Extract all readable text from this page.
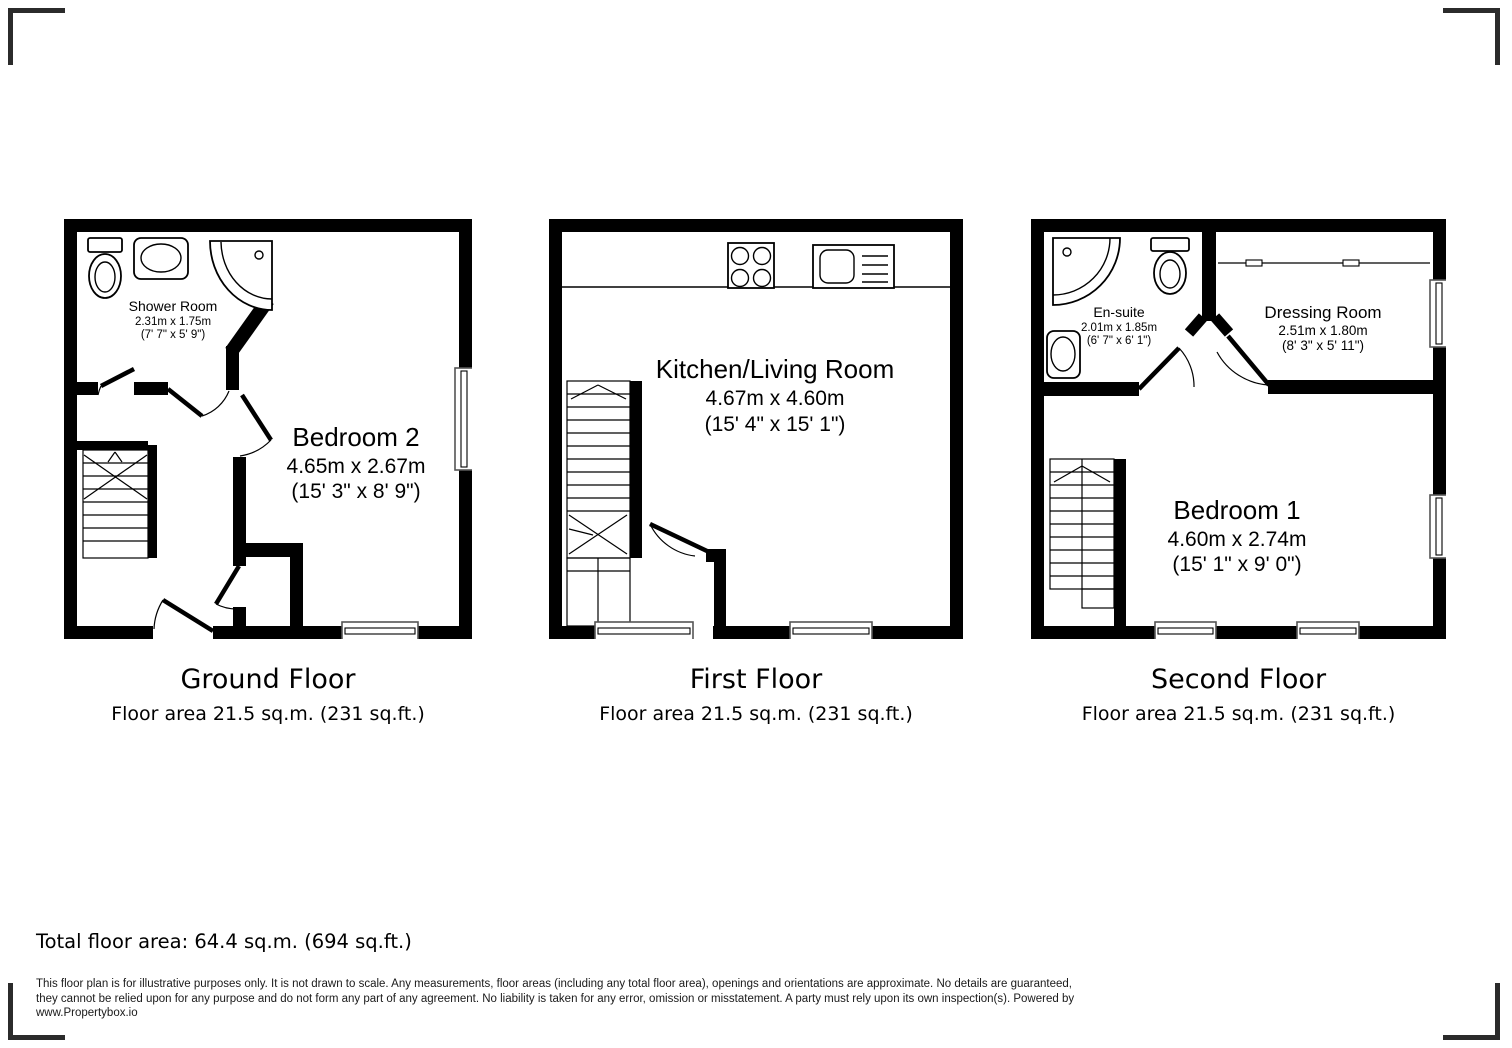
Shower Room
2.31m x 1.75m
(7' 7" x 5' 9")
Bedroom 2
4.65m x 2.67m
(15' 3" x 8' 9")
Ground Floor
Floor area 21.5 sq.m. (231 sq.ft.)
Kitchen/Living Room
4.67m x 4.60m
(15' 4" x 15' 1")
First Floor
Floor area 21.5 sq.m. (231 sq.ft.)
En-suite
2.01m x 1.85m
(6' 7" x 6' 1")
Dressing Room
2.51m x 1.80m
(8' 3" x 5' 11")
Bedroom 1
4.60m x 2.74m
(15' 1" x 9' 0")
Second Floor
Floor area 21.5 sq.m. (231 sq.ft.)
Total floor area: 64.4 sq.m. (694 sq.ft.)
This floor plan is for illustrative purposes only. It is not drawn to scale. Any measurements, floor areas (including any total floor area), openings and orientations are approximate. No details are guaranteed, they cannot be relied upon for any purpose and do not form any part of any agreement. No liability is taken for any error, omission or misstatement. A party must rely upon its own inspection(s). Powered by www.Propertybox.io
